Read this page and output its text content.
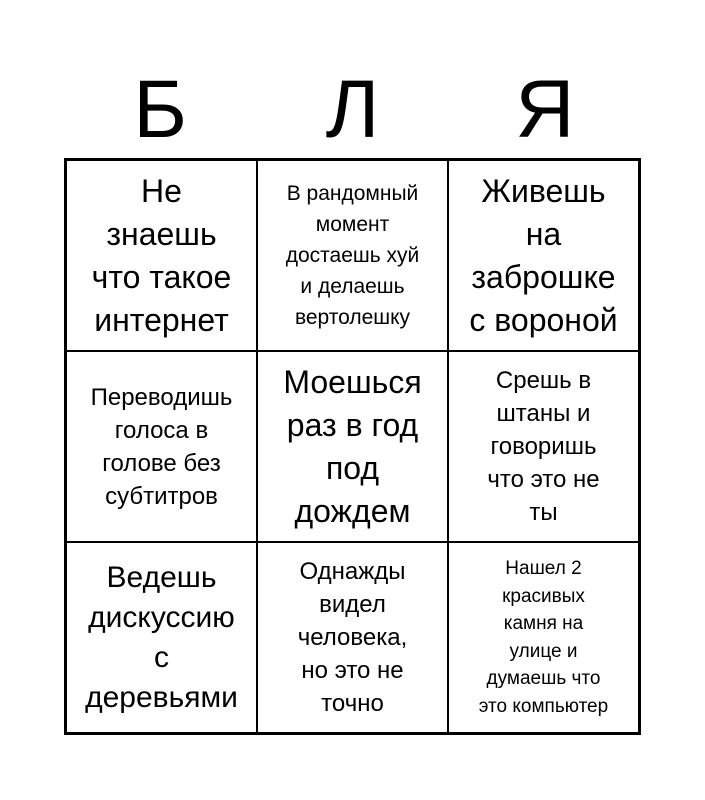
Б	Л	Я
Не
знаешь
что такое
интернет
В рандомный
момент
достаешь хуй
и делаешь
вертолешку
Живешь
на
заброшке
с вороной
Переводишь
голоса в
голове без
субтитров
Моешься
раз в год
под
дождем
Срешь в
штаны и
говоришь
что это не
ты
Ведешь
дискуссию
с
деревьями
Однажды
видел
человека,
но это не
точно
Нашел 2
красивых
камня на
улице и
думаешь что
это компьютер
